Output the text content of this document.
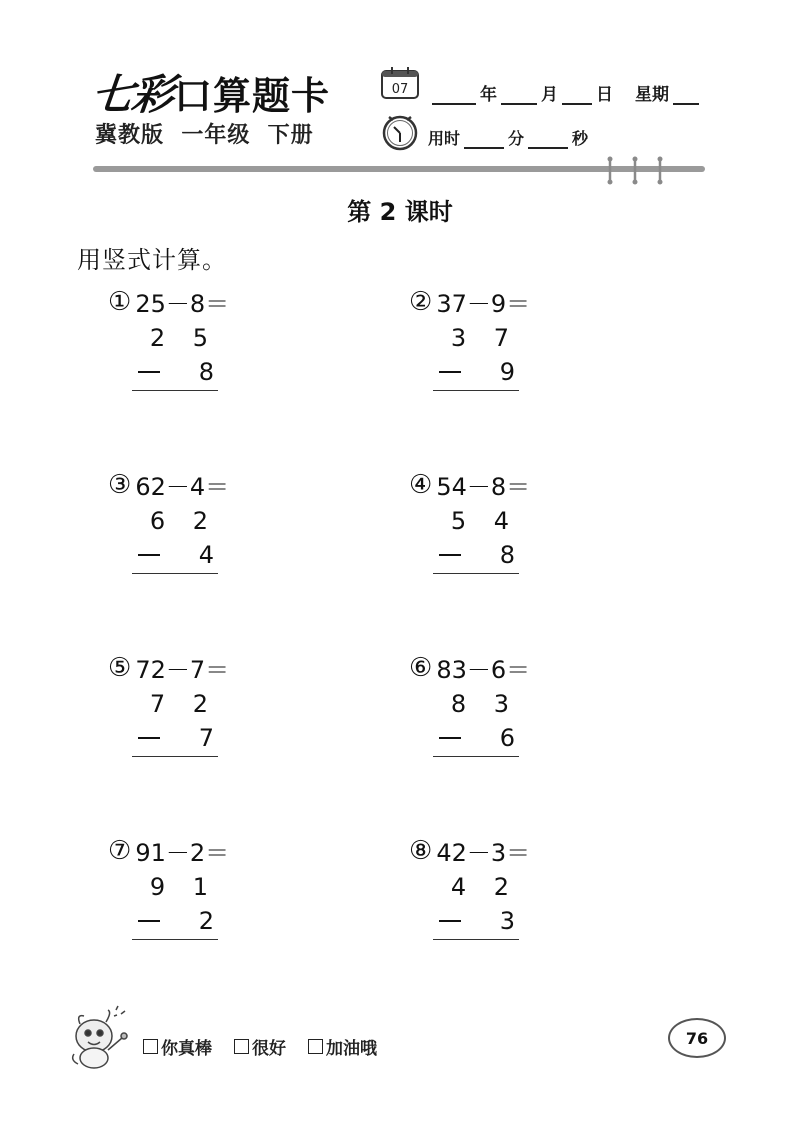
七彩 口算题卡
冀教版  一年级  下册
07	年	月 日 星期
用时	分	秒
第 2 课时
用竖式计算。
① 25－8＝
2 5
8
② 37－9＝
3 7
9
③ 62－4＝
6 2
4
④ 54－8＝
5 4
8
⑤ 72－7＝
7 2
7
⑥ 83－6＝
8 3
6
⑦ 91－2＝
9 1
2
⑧ 42－3＝
4 2
3
你真棒 很好 加油哦
76
